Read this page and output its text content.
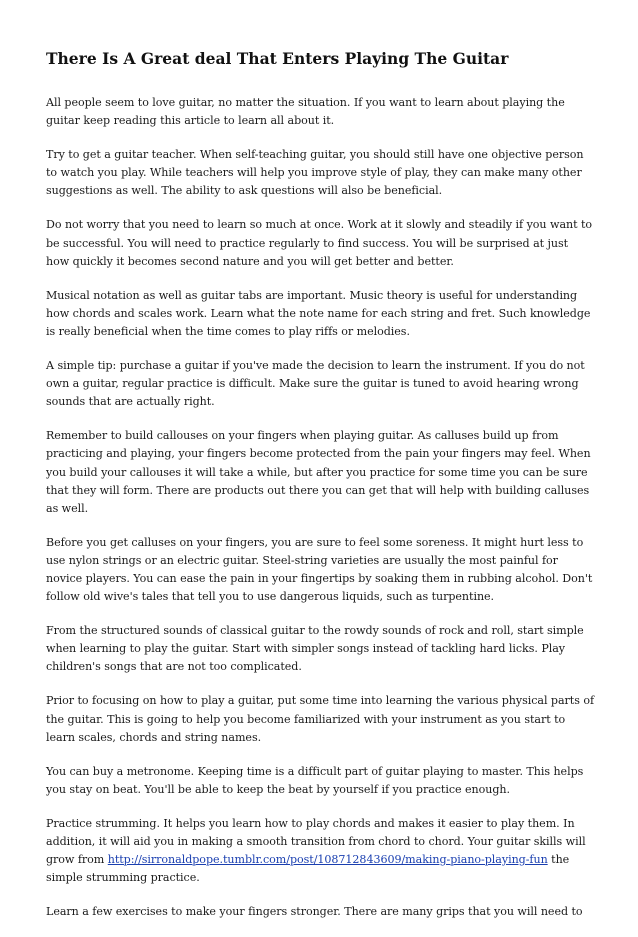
There Is A Great deal That Enters Playing The Guitar

All people seem to love guitar, no matter the situation. If you want to learn about playing the guitar keep reading this article to learn all about it.

Try to get a guitar teacher. When self-teaching guitar, you should still have one objective person to watch you play. While teachers will help you improve style of play, they can make many other suggestions as well. The ability to ask questions will also be beneficial.

Do not worry that you need to learn so much at once. Work at it slowly and steadily if you want to be successful. You will need to practice regularly to find success. You will be surprised at just how quickly it becomes second nature and you will get better and better.

Musical notation as well as guitar tabs are important. Music theory is useful for understanding how chords and scales work. Learn what the note name for each string and fret. Such knowledge is really beneficial when the time comes to play riffs or melodies.

A simple tip: purchase a guitar if you've made the decision to learn the instrument. If you do not own a guitar, regular practice is difficult. Make sure the guitar is tuned to avoid hearing wrong sounds that are actually right.

Remember to build callouses on your fingers when playing guitar. As calluses build up from practicing and playing, your fingers become protected from the pain your fingers may feel. When you build your callouses it will take a while, but after you practice for some time you can be sure that they will form. There are products out there you can get that will help with building calluses as well.

Before you get calluses on your fingers, you are sure to feel some soreness. It might hurt less to use nylon strings or an electric guitar. Steel-string varieties are usually the most painful for novice players. You can ease the pain in your fingertips by soaking them in rubbing alcohol. Don't follow old wive's tales that tell you to use dangerous liquids, such as turpentine.

From the structured sounds of classical guitar to the rowdy sounds of rock and roll, start simple when learning to play the guitar. Start with simpler songs instead of tackling hard licks. Play children's songs that are not too complicated.

Prior to focusing on how to play a guitar, put some time into learning the various physical parts of the guitar. This is going to help you become familiarized with your instrument as you start to learn scales, chords and string names.

You can buy a metronome. Keeping time is a difficult part of guitar playing to master. This helps you stay on beat. You'll be able to keep the beat by yourself if you practice enough.

Practice strumming. It helps you learn how to play chords and makes it easier to play them. In addition, it will aid you in making a smooth transition from chord to chord. Your guitar skills will grow from http://sirronaldpope.tumblr.com/post/108712843609/making-piano-playing-fun the simple strumming practice.

Learn a few exercises to make your fingers stronger. There are many grips that you will need to
